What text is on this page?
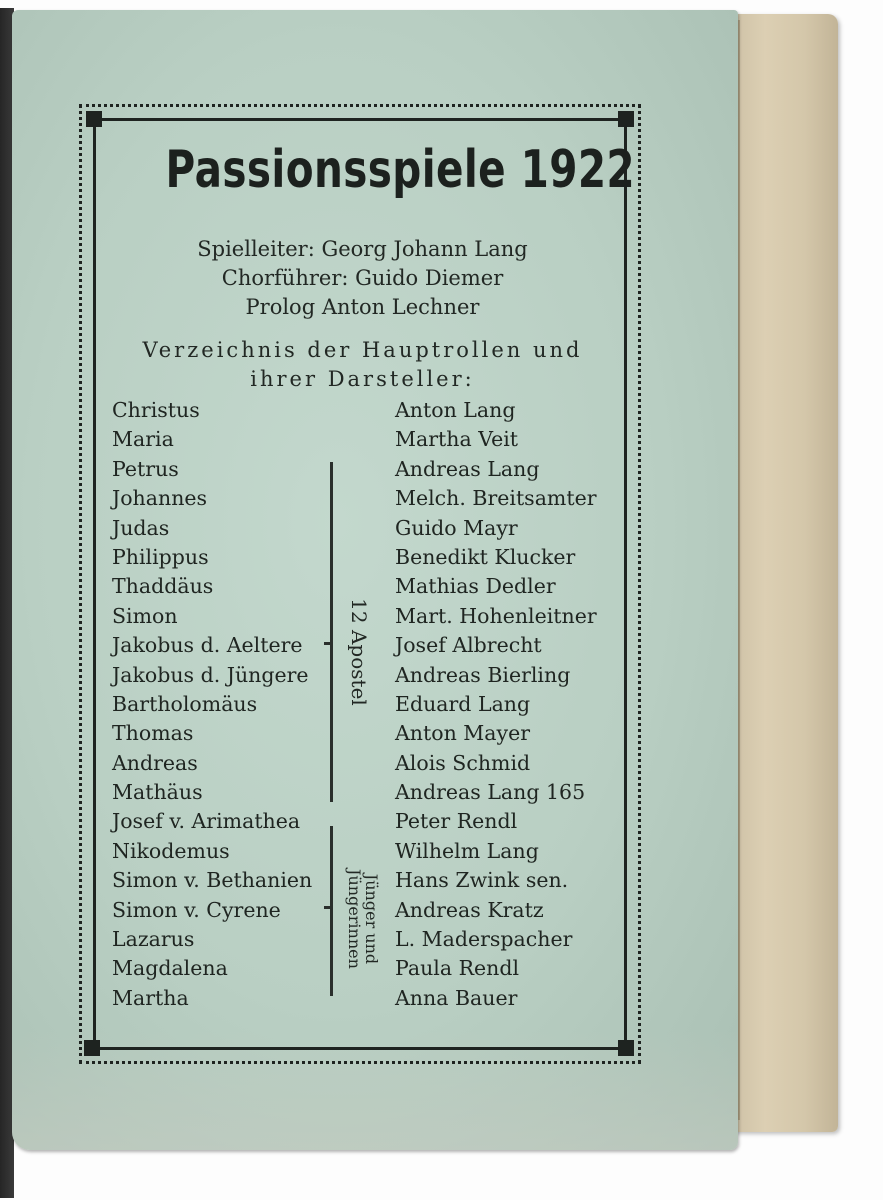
Passionsspiele 1922
Spielleiter: Georg Johann Lang
Chorführer: Guido Diemer
Prolog Anton Lechner
Verzeichnis der Hauptrollen und
ihrer Darsteller:
Christus
Maria
Petrus
Johannes
Judas
Philippus
Thaddäus
Simon
Jakobus d. Aeltere
Jakobus d. Jüngere
Bartholomäus
Thomas
Andreas
Mathäus
Josef v. Arimathea
Nikodemus
Simon v. Bethanien
Simon v. Cyrene
Lazarus
Magdalena
Martha
Anton Lang
Martha Veit
Andreas Lang
Melch. Breitsamter
Guido Mayr
Benedikt Klucker
Mathias Dedler
Mart. Hohenleitner
Josef Albrecht
Andreas Bierling
Eduard Lang
Anton Mayer
Alois Schmid
Andreas Lang 165
Peter Rendl
Wilhelm Lang
Hans Zwink sen.
Andreas Kratz
L. Maderspacher
Paula Rendl
Anna Bauer
12 Apostel
Jünger und
Jüngerinnen
